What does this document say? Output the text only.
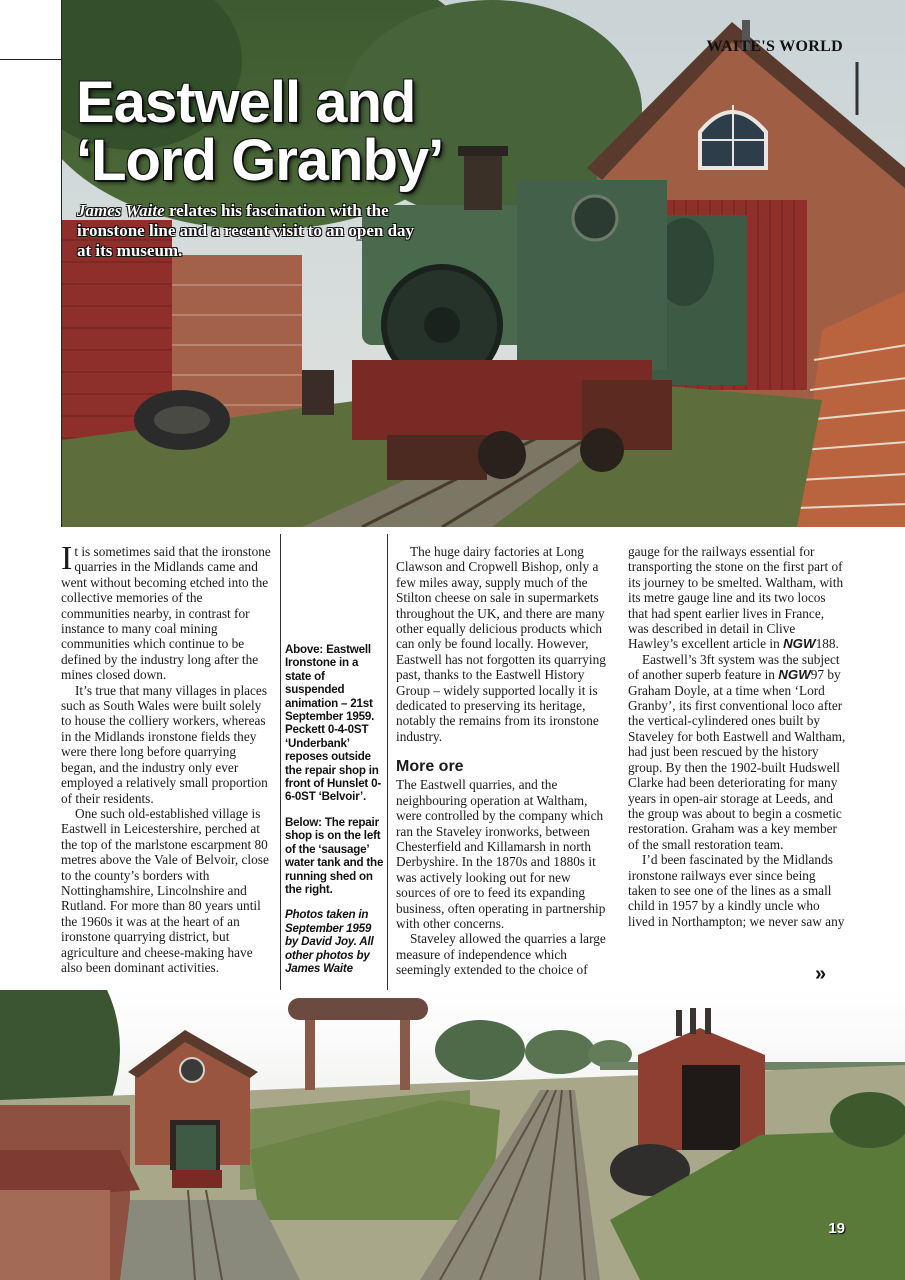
WAITE'S WORLD
Eastwell and
‘Lord Granby’

James Waite relates his fascination with the ironstone line and a recent visit to an open day at its museum.

It is sometimes said that the ironstone quarries in the Midlands came and went without becoming etched into the collective memories of the communities nearby, in contrast for instance to many coal mining communities which continue to be defined by the industry long after the mines closed down.

It’s true that many villages in places such as South Wales were built solely to house the colliery workers, whereas in the Midlands ironstone fields they were there long before quarrying began, and the industry only ever employed a relatively small proportion of their residents.

One such old-established village is Eastwell in Leicestershire, perched at the top of the marlstone escarpment 80 metres above the Vale of Belvoir, close to the county’s borders with Nottinghamshire, Lincolnshire and Rutland. For more than 80 years until the 1960s it was at the heart of an ironstone quarrying district, but agriculture and cheese-making have also been dominant activities.

Above: Eastwell Ironstone in a state of suspended animation – 21st September 1959. Peckett 0-4-0ST ‘Underbank’ reposes outside the repair shop in front of Hunslet 0-6-0ST ‘Belvoir’.

Below: The repair shop is on the left of the ‘sausage’ water tank and the running shed on the right.

Photos taken in September 1959 by David Joy. All other photos by James Waite

The huge dairy factories at Long Clawson and Cropwell Bishop, only a few miles away, supply much of the Stilton cheese on sale in supermarkets throughout the UK, and there are many other equally delicious products which can only be found locally. However, Eastwell has not forgotten its quarrying past, thanks to the Eastwell History Group – widely supported locally it is dedicated to preserving its heritage, notably the remains from its ironstone industry.

More ore

The Eastwell quarries, and the neighbouring operation at Waltham, were controlled by the company which ran the Staveley ironworks, between Chesterfield and Killamarsh in north Derbyshire. In the 1870s and 1880s it was actively looking out for new sources of ore to feed its expanding business, often operating in partnership with other concerns.

Staveley allowed the quarries a large measure of independence which seemingly extended to the choice of

gauge for the railways essential for transporting the stone on the first part of its journey to be smelted. Waltham, with its metre gauge line and its two locos that had spent earlier lives in France, was described in detail in Clive Hawley’s excellent article in NGW188.

Eastwell’s 3ft system was the subject of another superb feature in NGW97 by Graham Doyle, at a time when ‘Lord Granby’, its first conventional loco after the vertical-cylindered ones built by Staveley for both Eastwell and Waltham, had just been rescued by the history group. By then the 1902-built Hudswell Clarke had been deteriorating for many years in open-air storage at Leeds, and the group was about to begin a cosmetic restoration. Graham was a key member of the small restoration team.

I’d been fascinated by the Midlands ironstone railways ever since being taken to see one of the lines as a small child in 1957 by a kindly uncle who lived in Northampton; we never saw any

»
19
